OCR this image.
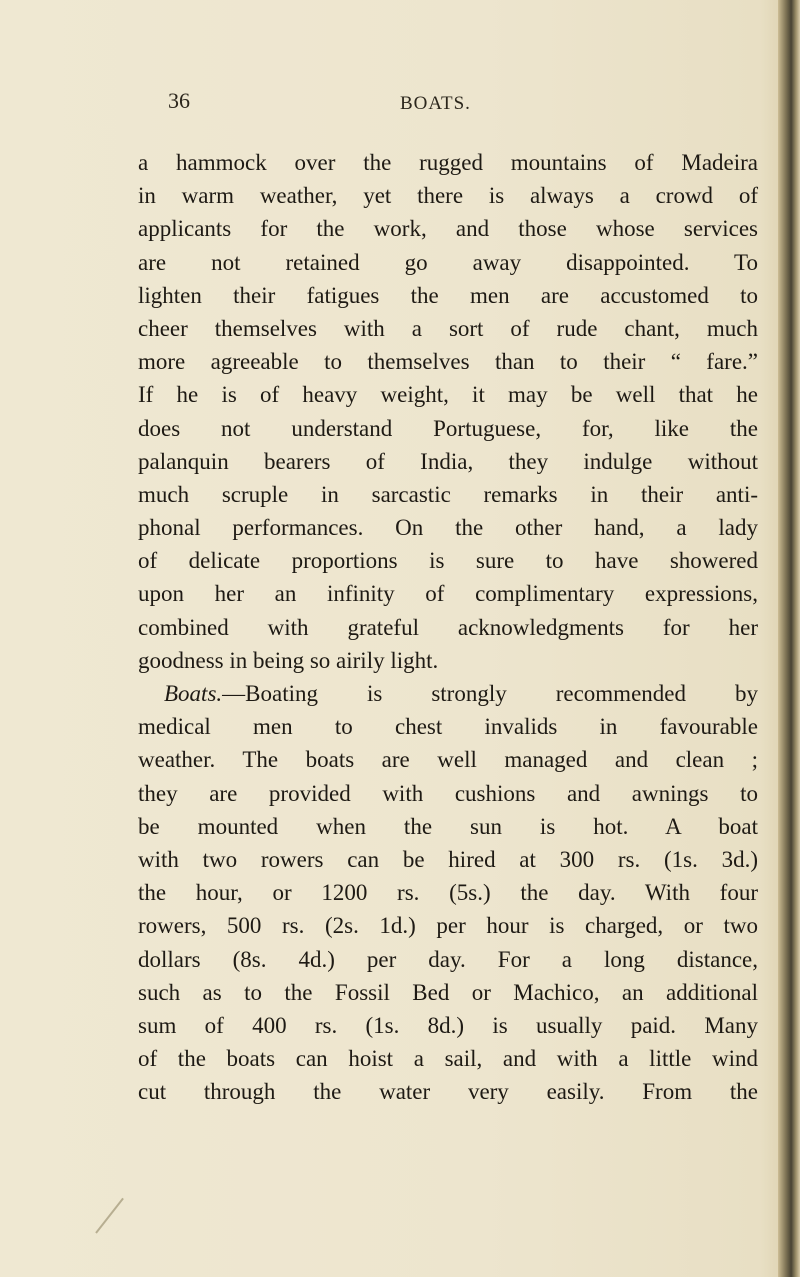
36	BOATS.
a hammock over the rugged mountains of Madeira
in warm weather, yet there is always a crowd of
applicants for the work, and those whose services
are not retained go away disappointed. To
lighten their fatigues the men are accustomed to
cheer themselves with a sort of rude chant, much
more agreeable to themselves than to their “ fare.”
If he is of heavy weight, it may be well that he
does not understand Portuguese, for, like the
palanquin bearers of India, they indulge without
much scruple in sarcastic remarks in their anti-
phonal performances. On the other hand, a lady
of delicate proportions is sure to have showered
upon her an infinity of complimentary expressions,
combined with grateful acknowledgments for her
goodness in being so airily light.
Boats.—Boating is strongly recommended by
medical men to chest invalids in favourable
weather. The boats are well managed and clean ;
they are provided with cushions and awnings to
be mounted when the sun is hot. A boat
with two rowers can be hired at 300 rs. (1s. 3d.)
the hour, or 1200 rs. (5s.) the day. With four
rowers, 500 rs. (2s. 1d.) per hour is charged, or two
dollars (8s. 4d.) per day. For a long distance,
such as to the Fossil Bed or Machico, an additional
sum of 400 rs. (1s. 8d.) is usually paid. Many
of the boats can hoist a sail, and with a little wind
cut through the water very easily. From the
